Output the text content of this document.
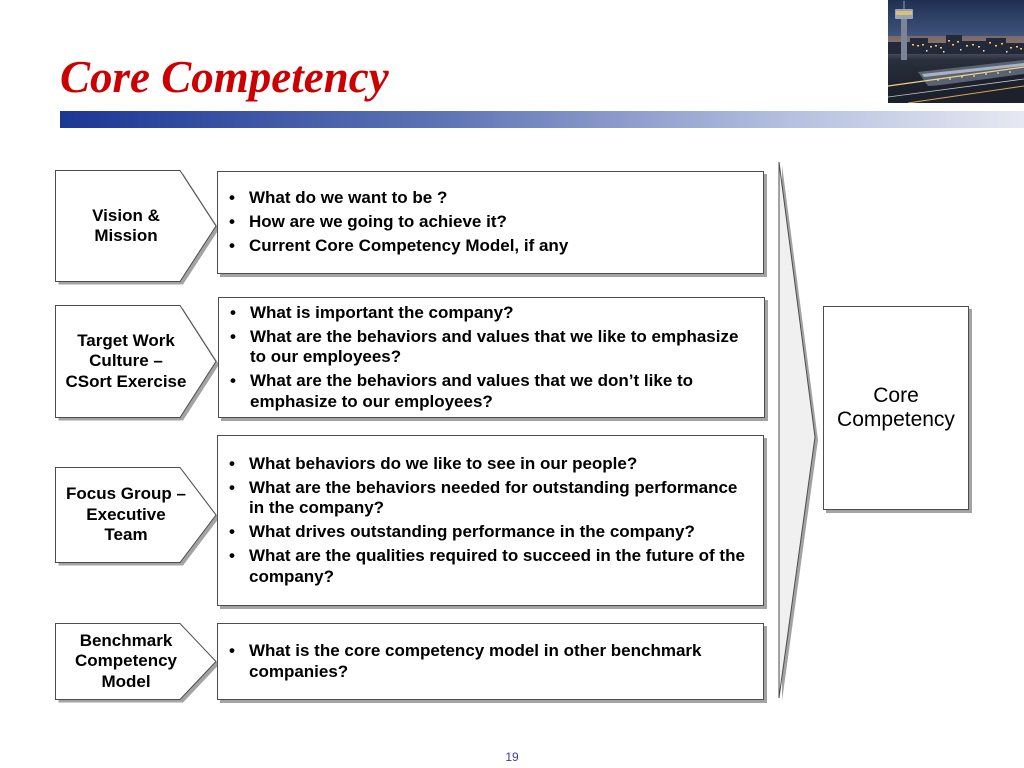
Core Competency
Vision &
Mission
• What do we want to be ?
• How are we going to achieve it?
• Current Core Competency Model, if any
Target Work
Culture –
CSort Exercise
• What is important the company?
• What are the behaviors and values that we like to emphasize to our employees?
• What are the behaviors and values that we don’t like to emphasize to our employees?
Focus Group –
Executive
Team
• What behaviors do we like to see in our people?
• What are the behaviors needed for outstanding performance in the company?
• What drives outstanding performance in the company?
• What are the qualities required to succeed in the future of the company?
Benchmark
Competency
Model
• What is the core competency model in other benchmark companies?
Core
Competency
19
